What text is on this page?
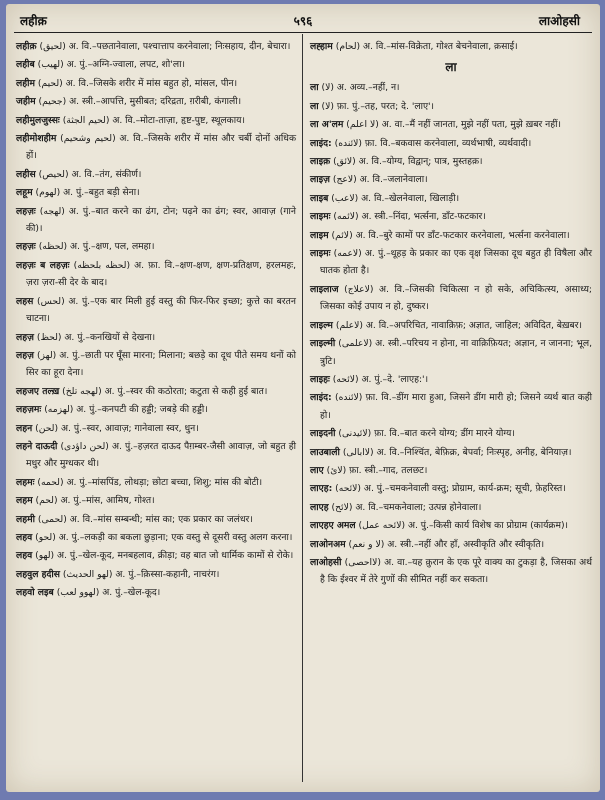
लहीक़	५९६	लाओहसी
लहीक़ (لحيق) अ. वि.–पछतानेवाला, पश्चात्ताप करनेवाला; निःसहाय, दीन, बेचारा।
लहीब (لهيب) अ. पुं.–अग्नि-ज्वाला, लपट, शो'ला।
लहीम (لحيم) अ. वि.–जिसके शरीर में मांस बहुत हो, मांसल, पीन।
जहीम (جحيم) अ. स्त्री.–आपत्ति, मुसीबत; दरिद्रता, ग़रीबी, कंगाली।
लहीमुलजुस्सः (لحيم الجثة) अ. वि.–मोटा-ताज़ा, हृष्ट-पुष्ट, स्थूलकाय।
लहीमोशहीम (لحيم وشحيم) अ. वि.–जिसके शरीर में मांस और चर्बी दोनों अधिक हों।
लहीस (لحيص) अ. वि.–तंग, संकीर्ण।
लहूम (لهوم) अ. पुं.–बहुत बड़ी सेना।
लहज़ः (لهجه) अ. पुं.–बात करने का ढंग, टोन; पढ़ने का ढंग; स्वर, आवाज़ (गाने की)।
लहज़ः (لحظه) अ. पुं.–क्षण, पल, लमहा।
लहज़ः ब लहज़ः (لحظه بلحظه) अ. फ़ा. वि.–क्षण-क्षण, क्षण-प्रतिक्षण, हरलमहः, ज़रा ज़रा-सी देर के बाद।
लहस (لحس) अ. पुं.–एक बार मिली हुई वस्तु की फिर-फिर इच्छा; कुत्ते का बरतन चाटना।
लहज़ (لحظ) अ. पुं.–कनखियों से देखना।
लहज़ (لهز) अ. पुं.–छाती पर घूँसा मारना; मिलाना; बछड़े का दूध पीते समय थनों को सिर का हूरा देना।
लहजए तल्ख़ (لهجه تلخ) अ. पुं.–स्वर की कठोरता; कटुता से कही हुई बात।
लहज़मः (لهزمه) अ. पुं.–कनपटी की हड्डी; जबड़े की हड्डी।
लहन (لحن) अ. पुं.–स्वर, आवाज़; गानेवाला स्वर, धुन।
लहने दाऊदी (لحن داؤدی) अ. पुं.–हज़रत दाऊद पैग़म्बर-जैसी आवाज़, जो बहुत ही मधुर और मुग्धकर थी।
लहमः (لحمه) अ. पुं.–मांसपिंड, लोथड़ा; छोटा बच्चा, शिशु; मांस की बोटी।
लहम (لحم) अ. पुं.–मांस, आमिष, गोश्त।
लहमी (لحمی) अ. वि.–मांस सम्बन्धी; मांस का; एक प्रकार का जलंधर।
लहव (لحو) अ. पुं.–लकड़ी का बकला छुड़ाना; एक वस्तु से दूसरी वस्तु अलग करना।
लहव (لهو) अ. पुं.–खेल-कूद, मनबहलाव, क्रीड़ा; वह बात जो धार्मिक कामों से रोके।
लहवुल हदीस (لهو الحديث) अ. पुं.–क़िस्सा-कहानी, नाचरंग।
लहवो लइब (لهوو لعب) अ. पुं.–खेल-कूद।
लह्हाम (لحام) अ. वि.–मांस-विक्रेता, गोश्त बेचनेवाला, क़साई।
ला
ला (لا) अ. अव्य.–नहीं, न।
ला (لا) फ़ा. पुं.–तह, परत; दे. 'लाए'।
ला अ'लम (لا اعلم) अ. वा.–मैं नहीं जानता, मुझे नहीं पता, मुझे ख़बर नहीं।
लाइंद: (لائنده) फ़ा. वि.–बकवास करनेवाला, व्यर्थभाषी, व्यर्थवादी।
लाइक़ (لائق) अ. वि.–योग्य, विद्वान्; पात्र, मुस्तहक़।
लाइज़ (لاعج) अ. वि.–जलानेवाला।
लाइब (لاعب) अ. वि.–खेलनेवाला, खिलाड़ी।
लाइमः (لائمه) अ. स्त्री.–निंदा, भर्त्सना, डाँट-फटकार।
लाइम (لائم) अ. वि.–बुरे कामों पर डाँट-फटकार करनेवाला, भर्त्सना करनेवाला।
लाइमः (لاعمه) अ. पुं.–थूहड़ के प्रकार का एक वृक्ष जिसका दूध बहुत ही विषैला और घातक होता है।
लाइलाज (لاعلاج) अ. वि.–जिसकी चिकित्सा न हो सके, अचिकित्स्य, असाध्य; जिसका कोई उपाय न हो, दुष्कर।
लाइल्म (لاعلم) अ. वि.–अपरिचित, नावाक़िफ़; अज्ञात, जाहिल; अविदित, बेख़बर।
लाइल्मी (لاعلمی) अ. स्त्री.–परिचय न होना, ना वाक़िफ़ियत; अज्ञान, न जानना; भूल, त्रुटि।
लाइहः (لائحه) अ. पुं.–दे. 'लाएह:'।
लाइंद: (لائنده) फ़ा. वि.–डींग मारा हुआ, जिसने डींग मारी हो; जिसने व्यर्थ बात कही हो।
लाइदनी (لائيدنی) फ़ा. वि.–बात करने योग्य; डींग मारने योग्य।
लाउबाली (لاابالی) अ. वि.–निश्चिंत, बेफ़िक्र, बेपर्वा; निःस्पृह, अनीह, बेनियाज़।
लाए (لائ) फ़ा. स्त्री.–गाद, तलछट।
लाएह: (لائحه) अ. पुं.–चमकनेवाली वस्तु; प्रोग्राम, कार्य-क्रम; सूची, फ़ेहरिस्त।
लाएह (لائح) अ. वि.–चमकनेवाला; उत्पन्न होनेवाला।
लाएहए अमल (لائحه عمل) अ. पुं.–किसी कार्य विशेष का प्रोग्राम (कार्यक्रम)।
लाओनअम (لا و نعم) अ. स्त्री.–नहीं और हाँ, अस्वीकृति और स्वीकृति।
लाओहसी (لااحصی) अ. वा.–यह क़ुरान के एक पूरे वाक्य का टुकड़ा है, जिसका अर्थ है कि ईश्वर में तेरे गुणों की सीमित नहीं कर सकता।
